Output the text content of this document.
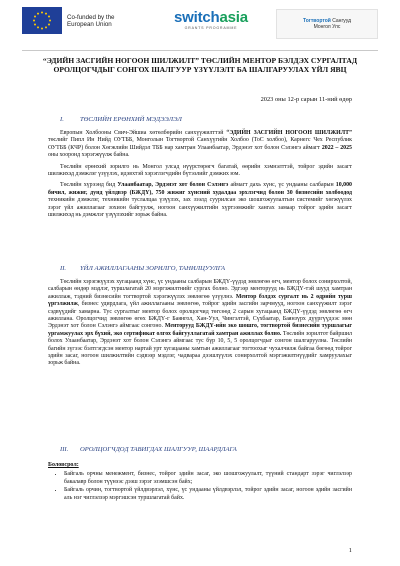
Co-funded by the European Union	switchasia
GRANTS PROGRAMME
Тогтвортой Сангууд
Монгол Улс
“ЭДИЙН ЗАСГИЙН НОГООН ШИЛЖИЛТ” ТӨСЛИЙН МЕНТОР БЭЛДЭХ СУРГАЛТАД ОРОЛЦОГЧДЫГ СОНГОХ ШАЛГУУР ҮЗҮҮЛЭЛТ БА ШАЛГАРУУЛАХ ҮЙЛ ЯВЦ
2023 оны 12-р сарын 11-ний өдөр
I. ТӨСЛИЙН ЕРӨНХИЙ МЭДЭЭЛЭЛ

Европын Холбооны Свич-Эйшиа хөтөлбөрийн санхүүжилттэй “ЭДИЙН ЗАСГИЙН НОГООН ШИЛЖИЛТ” төслийг Пипл Ин Нийд ОУТББ, Монголын Тогтвортой Санхүүгийн Холбоо (ТоС холбоо), Карнегс Чех Республик ОУТББ (КЧР) болон Хөгжлийн Шийдэл ТББ нар хамтран Улаанбаатар, Эрдэнэт хот болон Сэлэнгэ аймагт 2022 – 2025 оны хооронд хэрэгжүүлж байна.

Төслийн ерөнхий зорилго нь Монгол улсад нүүрстөрөгч багатай, өөрийн хэмнэлттэй, тойрог эдийн засагт шилжихэд дэмжлэг үзүүлэх, идэвхтэй хэрэглэгчдийн бүтээлийг дэмжих юм.

Төслийн хүрээнд бид Улаанбаатар, Эрдэнэт хот болон Сэлэнгэ аймагт дахь хүнс, үс ундааны салбарын 10,000 бичил, жижиг, дунд үйлдвэр (БЖДҮ), 750 жижиг хүнсний худалдаа эрхлэгчид болон 30 бизнесийн холбоодод техникийн дэмжлэг, техникийн туслалцаа үзүүлэх, зах зээлд суурилсан эко шошгожуулалтын системийг хөгжүүлэх зэрэг үйл ажиллагааг зохион байгуулж, ногоон санхүүжилтийн хүртээмжийг хангах замаар тойрог эдийн засагт шилжихэд нь дэмжлэг үзүүлэхийг зорьж байна.

II. ҮЙЛ АЖИЛЛАГААНЫ ЗОРИЛГО, ТАНИЛЦУУЛГА

Төслийн хэрэгжүүлэх хугацаанд хүнс, үс ундааны салбарын БЖДҮ-үүдэд зөвлөгөө өгч, ментор болох сонирхолтой, салбарын өндөр мэдлэг, туршлагатай 20 мэргэжилтнийг сургах болно. Эдгээр менторууд нь БЖДҮ-тэй шууд хамтран ажиллаж, тэдний бизнесийн тогтвортой хэрэгжүүлэх зөвлөгөө үзүүлнэ. Ментор бэлдэх сургалт нь 2 өдрийн турш үргэлжилж, бизнес удирдлага, үйл ажиллагааны зөвлөгөө, тойрог эдийн засгийн зарчмууд, ногоон санхүүжилт зэрэг сэдвүүдийг хамарна. Тус сургалтыг ментор болох оролцогчид төгсөөд 2 сарын хугацаанд БЖДҮ-үүдэд зөвлөгөө өгч ажиллана. Оролцогчид зөвлөгөө өгөх БЖДҮ-г Баянгол, Хан-Уул, Чингэлтэй, Сүхбаатар, Баянзүрх дүүргүүдээс мөн Эрдэнэт хот болон Сэлэнгэ аймгаас сонгоно. Менторууд БЖДҮ-ийн эко шошго, тогтвортой бизнесийн туршлагыг ургамжуулах эрх бүхий, эко сертификат олгох байгууллагатай хамтран ажиллах болно. Төслийн зорилтот байршил болох Улаанбаатар, Эрдэнэт хот болон Сэлэнгэ аймгаас тус бүр 10, 5, 5 оролцогчдыг сонгон шалгаруулна. Төслийн багийн зүгээс бэлтгэгдсэн ментор нартай урт хугацааны хамтын ажиллагааг тогтоохыг чухалчилж байгаа бөгөөд тойрог эдийн засаг, ногоон шилжилтийн сэдвээр мэдлэг, чадвараа дээшлүүлэх сонирхолтой мэргэжилтнүүдийг хамруулахыг зорьж байна.

III. ОРОЛЦОГЧДОД ТАВИГДАХ ШАЛГУУР, ШААРДЛАГА
Боловсрол:
• Байгаль орчны менежмент, бизнес, тойрог эдийн засаг, эко шошгожуулалт, түүний стандарт зэрэг чиглэлээр бакалавр болон түүнээс дээш зэрэг эзэмшсэн байх;
• Байгаль орчин, тогтвортой үйлдвэрлэл, хүнс, үс ундааны үйлдвэрлэл, тойрог эдийн засаг, ногоон эдийн засгийн аль нэг чиглэлээр мэргэшсэн туршлагатай байх.
1
